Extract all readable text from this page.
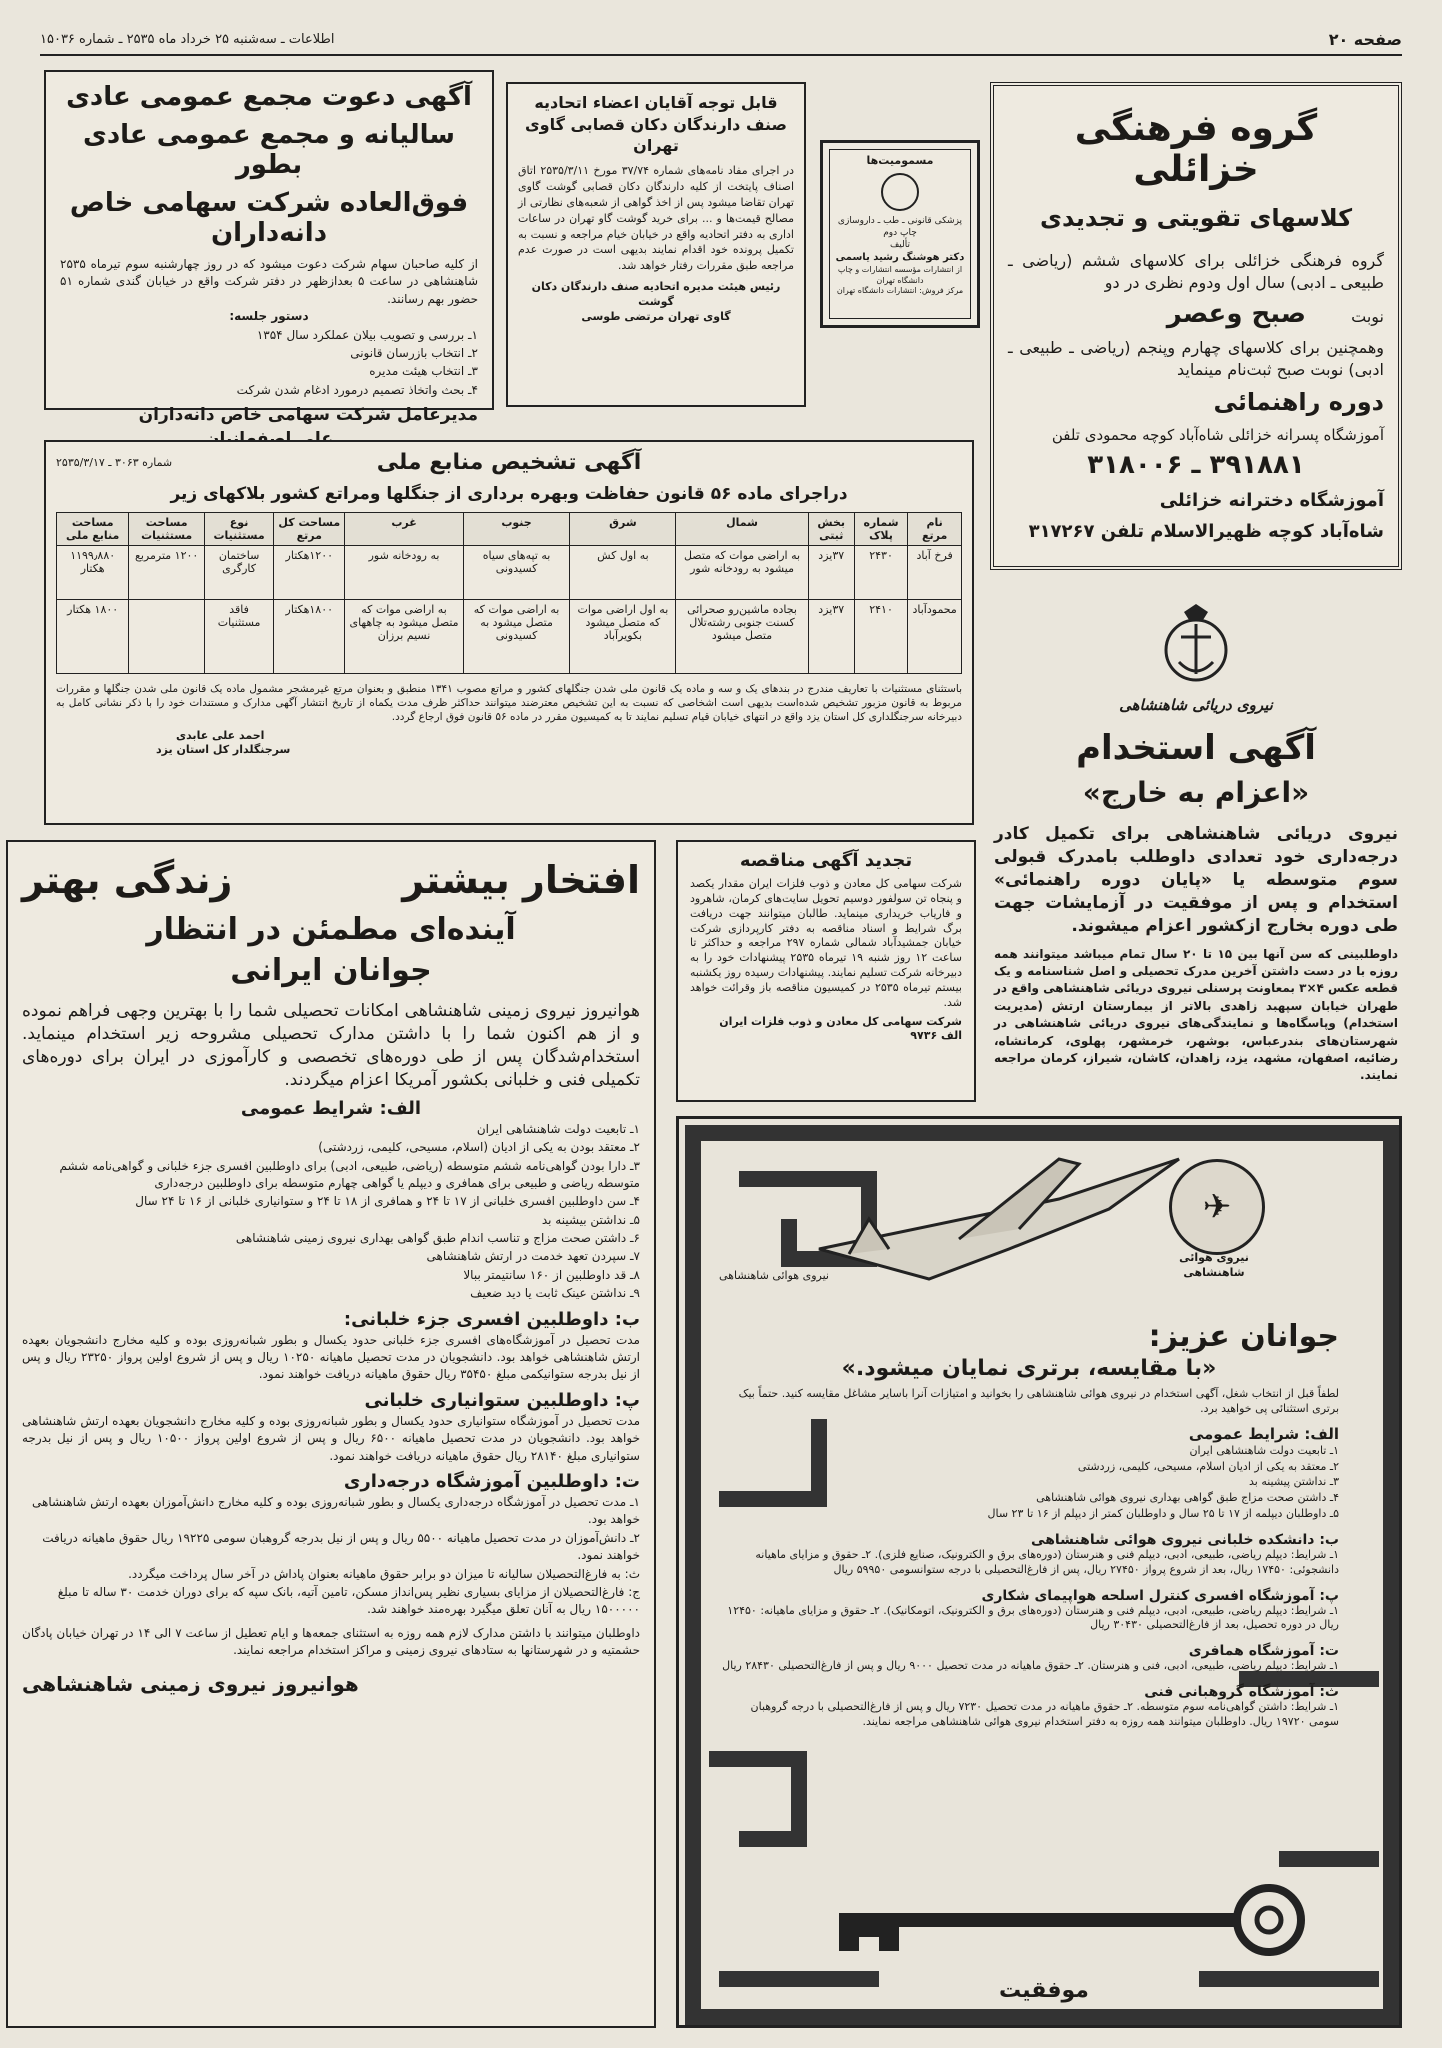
صفحه ۲۰
اطلاعات ـ سه‌شنبه ۲۵ خرداد ماه ۲۵۳۵ ـ شماره ۱۵۰۳۶

گروه فرهنگی خزائلی

کلاسهای تقویتی و تجدیدی

گروه فرهنگی خزائلی برای کلاسهای ششم (ریاضی ـ طبیعی ـ ادبی) سال اول ودوم نظری در دو

نوبت صبح وعصر

وهمچنین برای کلاسهای چهارم وپنجم (ریاضی ـ طبیعی ـ ادبی) نوبت صبح ثبت‌نام مینماید

دوره راهنمائی

آموزشگاه پسرانه خزائلی شاه‌آباد کوچه محمودی تلفن

۳۹۱۸۸۱ ـ ۳۱۸۰۰۶

آموزشگاه دخترانه خزائلی

شاه‌آباد کوچه ظهیرالاسلام تلفن ۳۱۷۲۶۷

مسمومیت‌ها

پزشکی قانونی ـ طب ـ داروسازی

چاپ دوم

تألیف

دکتر هوشنگ رشید یاسمی

از انتشارات مؤسسه انتشارات و چاپ دانشگاه تهران

مرکز فروش: انتشارات دانشگاه تهران

قابل توجه آقایان اعضاء اتحادیه صنف دارندگان دکان قصابی گاوی تهران

در اجرای مفاد نامه‌های شماره ۳۷/۷۴ مورخ ۲۵۳۵/۳/۱۱ اتاق اصناف پایتخت از کلیه دارندگان دکان قصابی گوشت گاوی تهران تقاضا میشود پس از اخذ گواهی از شعبه‌های نظارتی از مصالح قیمت‌ها و ... برای خرید گوشت گاو تهران در ساعات اداری به دفتر اتحادیه واقع در خیابان خیام مراجعه و نسبت به تکمیل پرونده خود اقدام نمایند بدیهی است در صورت عدم مراجعه طبق مقررات رفتار خواهد شد.

رئیس هیئت مدیره اتحادیه صنف دارندگان دکان گوشت

گاوی تهران مرتضی طوسی

آگهی دعوت مجمع عمومی عادی

سالیانه و مجمع عمومی عادی بطور

فوق‌العاده شرکت سهامی خاص دانه‌داران

از کلیه صاحبان سهام شرکت دعوت میشود که در روز چهارشنبه سوم تیرماه ۲۵۳۵ شاهنشاهی در ساعت ۵ بعدازظهر در دفتر شرکت واقع در خیابان گندی شماره ۵۱ حضور بهم رسانند.

دستور جلسه:

۱ـ بررسی و تصویب بیلان عملکرد سال ۱۳۵۴

۲ـ انتخاب بازرسان قانونی

۳ـ انتخاب هیئت مدیره

۴ـ بحث واتخاذ تصمیم درمورد ادغام شدن شرکت

مدیرعامل شرکت سهامی خاص دانه‌داران

آگهی تشخیص منابع ملی

شماره ۳۰۶۳ ـ ۲۵۳۵/۳/۱۷

دراجرای ماده ۵۶ قانون حفاظت وبهره برداری از جنگلها ومراتع کشور بلاکهای زیر

نام مرتع	شماره پلاک	بخش ثبتی	شمال	شرق	جنوب	غرب	مساحت کل مرتع	نوع مستثنیات	مساحت مستثنیات	مساحت منابع ملی
فرخ آباد	۲۴۳۰	۳۷یزد	به اراضی موات که متصل میشود به رودخانه شور	به اول کش	به تپه‌های سیاه کسیدونی	به رودخانه شور	۱۲۰۰هکتار	ساختمان کارگری	۱۲۰۰ مترمربع	۱۱۹۹٫۸۸۰ هکتار
محمودآباد	۲۴۱۰	۳۷یزد	بجاده ماشین‌رو صحرائی کسنت جنوبی رشته‌تلال متصل میشود	به اول اراضی موات که متصل میشود بکویرآباد	به اراضی موات که متصل میشود به کسیدونی	به اراضی موات که متصل میشود به چاههای نسیم برزان	۱۸۰۰هکتار	فاقد مستثنیات		۱۸۰۰ هکتار

باستثنای مستثنیات با تعاریف مندرج در بندهای یک و سه و ماده یک قانون ملی شدن جنگلهای کشور و مراتع مصوب ۱۳۴۱ منطبق و بعنوان مرتع غیرمشجر مشمول ماده یک قانون ملی شدن جنگلها و مقررات مربوط به قانون مزبور تشخیص شده‌است بدیهی است اشخاصی که نسبت به این تشخیص معترضند میتوانند حداکثر ظرف مدت یکماه از تاریخ انتشار آگهی مدارک و مستندات خود را با ذکر نشانی کامل به دبیرخانه سرجنگلداری کل استان یزد واقع در انتهای خیابان قیام تسلیم نمایند تا به کمیسیون مقرر در ماده ۵۶ قانون فوق ارجاع گردد.

احمد علی عابدی

سرجنگلدار کل استان یزد

نیروی دریائی شاهنشاهی

آگهی استخدام

«اعزام به خارج»

نیروی دریائی شاهنشاهی برای تکمیل کادر درجه‌داری خود تعدادی داوطلب بامدرک قبولی سوم متوسطه یا «پایان دوره راهنمائی» استخدام و پس از موفقیت در آزمایشات جهت طی دوره بخارج ازکشور اعزام میشوند.

داوطلبینی که سن آنها بین ۱۵ تا ۲۰ سال تمام میباشد میتوانند همه روزه با در دست داشتن آخرین مدرک تحصیلی و اصل شناسنامه و یک قطعه عکس ۴×۳ بمعاونت پرسنلی نیروی دریائی شاهنشاهی واقع در طهران خیابان سپهبد زاهدی بالاتر از بیمارستان ارتش (مدیریت استخدام) وپاسگاه‌ها و نمایندگی‌های نیروی دریائی شاهنشاهی در شهرستان‌های بندرعباس، بوشهر، خرمشهر، پهلوی، کرمانشاه، رضائیه، اصفهان، مشهد، یزد، زاهدان، کاشان، شیراز، کرمان مراجعه نمایند.

تجدید آگهی مناقصه

شرکت سهامی کل معادن و ذوب فلزات ایران مقدار یکصد و پنجاه تن سولفور دوسیم تحویل سایت‌های کرمان، شاهرود و فاریاب خریداری مینماید. طالبان میتوانند جهت دریافت برگ شرایط و اسناد مناقصه به دفتر کارپردازی شرکت خیابان جمشیدآباد شمالی شماره ۲۹۷ مراجعه و حداکثر تا ساعت ۱۲ روز شنبه ۱۹ تیرماه ۲۵۳۵ پیشنهادات خود را به دبیرخانه شرکت تسلیم نمایند. پیشنهادات رسیده روز یکشنبه بیستم تیرماه ۲۵۳۵ در کمیسیون مناقصه باز وقرائت خواهد شد.

شرکت سهامی کل معادن و ذوب فلزات ایران

الف ۹۷۳۶

افتخار بیشتر
زندگی بهتر

آینده‌ای مطمئن در انتظار

جوانان ایرانی

هوانیروز نیروی زمینی شاهنشاهی امکانات تحصیلی شما را با بهترین وجهی فراهم نموده و از هم اکنون شما را با داشتن مدارک تحصیلی مشروحه زیر استخدام مینماید. استخدام‌شدگان پس از طی دوره‌های تخصصی و کارآموزی در ایران برای دوره‌های تکمیلی فنی و خلبانی بکشور آمریکا اعزام میگردند.

الف: شرایط عمومی

۱ـ تابعیت دولت شاهنشاهی ایران

۲ـ معتقد بودن به یکی از ادیان (اسلام، مسیحی، کلیمی، زردشتی)

۳ـ دارا بودن گواهی‌نامه ششم متوسطه (ریاضی، طبیعی، ادبی) برای داوطلبین افسری جزء خلبانی و گواهی‌نامه ششم متوسطه ریاضی و طبیعی برای همافری و دیپلم یا گواهی چهارم متوسطه برای داوطلبین درجه‌داری

۴ـ سن داوطلبین افسری خلبانی از ۱۷ تا ۲۴ و همافری از ۱۸ تا ۲۴ و ستوانیاری خلبانی از ۱۶ تا ۲۴ سال

۵ـ نداشتن بیشینه بد

۶ـ داشتن صحت مزاج و تناسب اندام طبق گواهی بهداری نیروی زمینی شاهنشاهی

۷ـ سپردن تعهد خدمت در ارتش شاهنشاهی

۸ـ قد داوطلبین از ۱۶۰ سانتیمتر ببالا

۹ـ نداشتن عینک ثابت یا دید ضعیف

ب: داوطلبین افسری جزء خلبانی:

مدت تحصیل در آموزشگاه‌های افسری جزء خلبانی حدود یکسال و بطور شبانه‌روزی بوده و کلیه مخارج دانشجویان بعهده ارتش شاهنشاهی خواهد بود. دانشجویان در مدت تحصیل ماهیانه ۱۰۲۵۰ ریال و پس از شروع اولین پرواز ۲۳۲۵۰ ریال و پس از نیل بدرجه ستوانیکمی مبلغ ۳۵۴۵۰ ریال حقوق ماهیانه دریافت خواهند نمود.

پ: داوطلبین ستوانیاری خلبانی

مدت تحصیل در آموزشگاه ستوانیاری حدود یکسال و بطور شبانه‌روزی بوده و کلیه مخارج دانشجویان بعهده ارتش شاهنشاهی خواهد بود. دانشجویان در مدت تحصیل ماهیانه ۶۵۰۰ ریال و پس از شروع اولین پرواز ۱۰۵۰۰ ریال و پس از نیل بدرجه ستوانیاری مبلغ ۲۸۱۴۰ ریال حقوق ماهیانه دریافت خواهند نمود.

ت: داوطلبین آموزشگاه درجه‌داری

۱ـ مدت تحصیل در آموزشگاه درجه‌داری یکسال و بطور شبانه‌روزی بوده و کلیه مخارج دانش‌آموزان بعهده ارتش شاهنشاهی خواهد بود.

۲ـ دانش‌آموزان در مدت تحصیل ماهیانه ۵۵۰۰ ریال و پس از نیل بدرجه گروهبان سومی ۱۹۲۲۵ ریال حقوق ماهیانه دریافت خواهند نمود.

ث: به فارغ‌التحصیلان سالیانه تا میزان دو برابر حقوق ماهیانه بعنوان پاداش در آخر سال پرداخت میگردد.

ج: فارغ‌التحصیلان از مزایای بسیاری نظیر پس‌انداز مسکن، تامین آتیه، بانک سپه که برای دوران خدمت ۳۰ ساله تا مبلغ ۱۵۰۰۰۰۰ ریال به آنان تعلق میگیرد بهره‌مند خواهند شد.

داوطلبان میتوانند با داشتن مدارک لازم همه روزه به استثنای جمعه‌ها و ایام تعطیل از ساعت ۷ الی ۱۴ در تهران خیابان پادگان حشمتیه و در شهرستانها به ستادهای نیروی زمینی و مراکز استخدام مراجعه نمایند.

هوانیروز نیروی زمینی شاهنشاهی

✈

نیروی هوائی شاهنشاهی

نیروی هوائی شاهنشاهی

جوانان عزیز:

«با مقایسه، برتری نمایان میشود.»

لطفاً قبل از انتخاب شغل، آگهی استخدام در نیروی هوائی شاهنشاهی را بخوانید و امتیازات آنرا باسایر مشاغل مقایسه کنید. حتماً بیک برتری استثنائی پی خواهید برد.

الف: شرایط عمومی

۱ـ تابعیت دولت شاهنشاهی ایران

۲ـ معتقد به یکی از ادیان اسلام، مسیحی، کلیمی، زردشتی

۳ـ نداشتن پیشینه بد

۴ـ داشتن صحت مزاج طبق گواهی بهداری نیروی هوائی شاهنشاهی

۵ـ داوطلبان دیپلمه از ۱۷ تا ۲۵ سال و داوطلبان کمتر از دیپلم از ۱۶ تا ۲۳ سال

ب: دانشکده خلبانی نیروی هوائی شاهنشاهی

۱ـ شرایط: دیپلم ریاضی، طبیعی، ادبی، دیپلم فنی و هنرستان (دوره‌های برق و الکترونیک، صنایع فلزی). ۲ـ حقوق و مزایای ماهیانه دانشجوئی: ۱۷۴۵۰ ریال، بعد از شروع پرواز ۲۷۴۵۰ ریال، پس از فارغ‌التحصیلی با درجه ستوانسومی ۵۹۹۵۰ ریال

پ: آموزشگاه افسری کنترل اسلحه هواپیمای شکاری

۱ـ شرایط: دیپلم ریاضی، طبیعی، ادبی، دیپلم فنی و هنرستان (دوره‌های برق و الکترونیک، اتومکانیک). ۲ـ حقوق و مزایای ماهیانه: ۱۲۴۵۰ ریال در دوره تحصیل، بعد از فارغ‌التحصیلی ۳۰۴۳۰ ریال

ت: آموزشگاه همافری

۱ـ شرایط: دیپلم ریاضی، طبیعی، ادبی، فنی و هنرستان. ۲ـ حقوق ماهیانه در مدت تحصیل ۹۰۰۰ ریال و پس از فارغ‌التحصیلی ۲۸۴۳۰ ریال

ث: آموزشگاه گروهبانی فنی

۱ـ شرایط: داشتن گواهی‌نامه سوم متوسطه. ۲ـ حقوق ماهیانه در مدت تحصیل ۷۲۳۰ ریال و پس از فارغ‌التحصیلی با درجه گروهبان سومی ۱۹۷۲۰ ریال. داوطلبان میتوانند همه روزه به دفتر استخدام نیروی هوائی شاهنشاهی مراجعه نمایند.

موفقیت
